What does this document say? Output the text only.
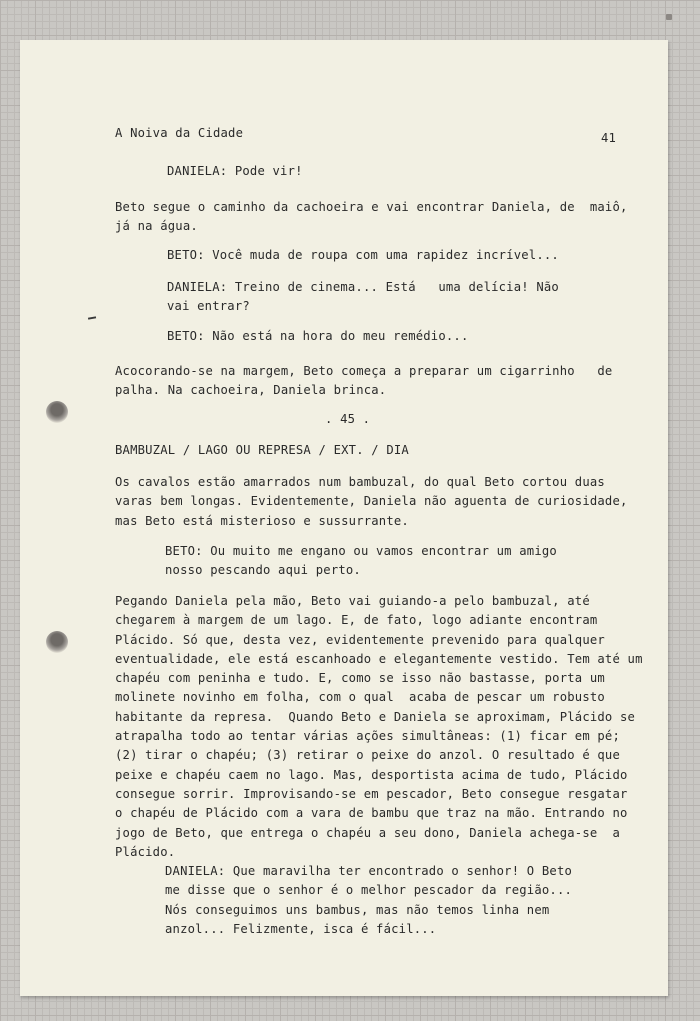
A Noiva da Cidade	41

DANIELA: Pode vir!

Beto segue o caminho da cachoeira e vai encontrar Daniela, de  maiô,
já na água.

BETO: Você muda de roupa com uma rapidez incrível...

DANIELA: Treino de cinema... Está   uma delícia! Não
vai entrar?

BETO: Não está na hora do meu remédio...

Acocorando-se na margem, Beto começa a preparar um cigarrinho   de
palha. Na cachoeira, Daniela brinca.

. 45 .

BAMBUZAL / LAGO OU REPRESA / EXT. / DIA

Os cavalos estão amarrados num bambuzal, do qual Beto cortou duas
varas bem longas. Evidentemente, Daniela não aguenta de curiosidade,
mas Beto está misterioso e sussurrante.

BETO: Ou muito me engano ou vamos encontrar um amigo
nosso pescando aqui perto.

Pegando Daniela pela mão, Beto vai guiando-a pelo bambuzal, até
chegarem à margem de um lago. E, de fato, logo adiante encontram
Plácido. Só que, desta vez, evidentemente prevenido para qualquer
eventualidade, ele está escanhoado e elegantemente vestido. Tem até um
chapéu com peninha e tudo. E, como se isso não bastasse, porta um
molinete novinho em folha, com o qual  acaba de pescar um robusto
habitante da represa.  Quando Beto e Daniela se aproximam, Plácido se
atrapalha todo ao tentar várias ações simultâneas: (1) ficar em pé;
(2) tirar o chapéu; (3) retirar o peixe do anzol. O resultado é que
peixe e chapéu caem no lago. Mas, desportista acima de tudo, Plácido
consegue sorrir. Improvisando-se em pescador, Beto consegue resgatar
o chapéu de Plácido com a vara de bambu que traz na mão. Entrando no
jogo de Beto, que entrega o chapéu a seu dono, Daniela achega-se  a
Plácido.

DANIELA: Que maravilha ter encontrado o senhor! O Beto
me disse que o senhor é o melhor pescador da região...
Nós conseguimos uns bambus, mas não temos linha nem
anzol... Felizmente, isca é fácil...
